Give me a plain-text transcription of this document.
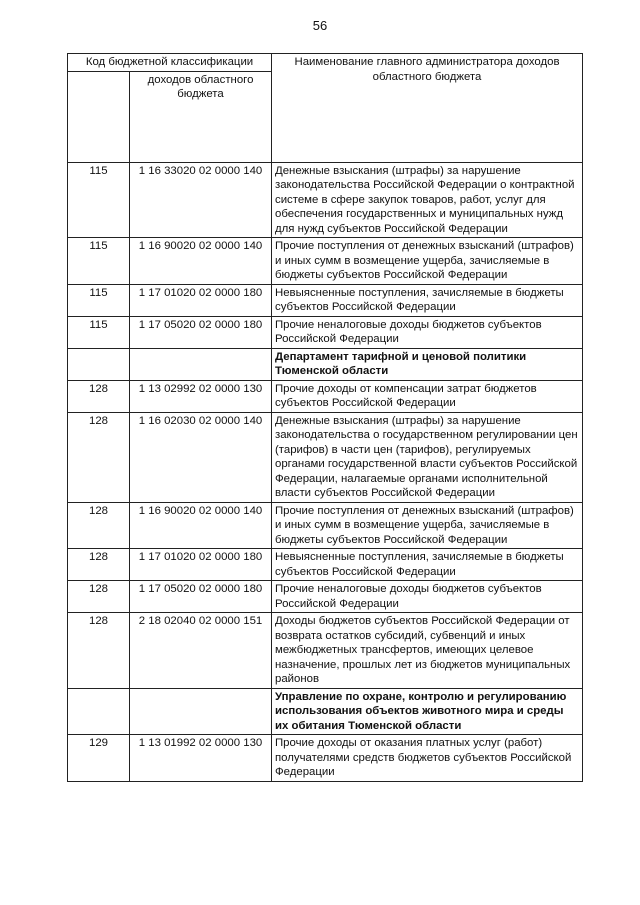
56
Код бюджетной классификации		Наименование главного администратора доходов областного бюджета
	доходов областного бюджета	
115	1 16 33020 02 0000 140	Денежные взыскания (штрафы) за нарушение законодательства Российской Федерации о контрактной системе в сфере закупок товаров, работ, услуг для обеспечения государственных и муниципальных нужд для нужд субъектов Российской Федерации
115	1 16 90020 02 0000 140	Прочие поступления от денежных взысканий (штрафов) и иных сумм в возмещение ущерба, зачисляемые в бюджеты субъектов Российской Федерации
115	1 17 01020 02 0000 180	Невыясненные поступления, зачисляемые в бюджеты субъектов Российской Федерации
115	1 17 05020 02 0000 180	Прочие неналоговые доходы бюджетов субъектов Российской Федерации
		Департамент тарифной и ценовой политики Тюменской области
128	1 13 02992 02 0000 130	Прочие доходы от компенсации затрат бюджетов субъектов Российской Федерации
128	1 16 02030 02 0000 140	Денежные взыскания (штрафы) за нарушение законодательства о государственном регулировании цен (тарифов) в части цен (тарифов), регулируемых органами государственной власти субъектов Российской Федерации, налагаемые органами исполнительной власти субъектов Российской Федерации
128	1 16 90020 02 0000 140	Прочие поступления от денежных взысканий (штрафов) и иных сумм в возмещение ущерба, зачисляемые в бюджеты субъектов Российской Федерации
128	1 17 01020 02 0000 180	Невыясненные поступления, зачисляемые в бюджеты субъектов Российской Федерации
128	1 17 05020 02 0000 180	Прочие неналоговые доходы бюджетов субъектов Российской Федерации
128	2 18 02040 02 0000 151	Доходы бюджетов субъектов Российской Федерации от возврата остатков субсидий, субвенций и иных межбюджетных трансфертов, имеющих целевое назначение, прошлых лет из бюджетов муниципальных районов
		Управление по охране, контролю и регулированию использования объектов животного мира и среды их обитания Тюменской области
129	1 13 01992 02 0000 130	Прочие доходы от оказания платных услуг (работ) получателями средств бюджетов субъектов Российской Федерации
